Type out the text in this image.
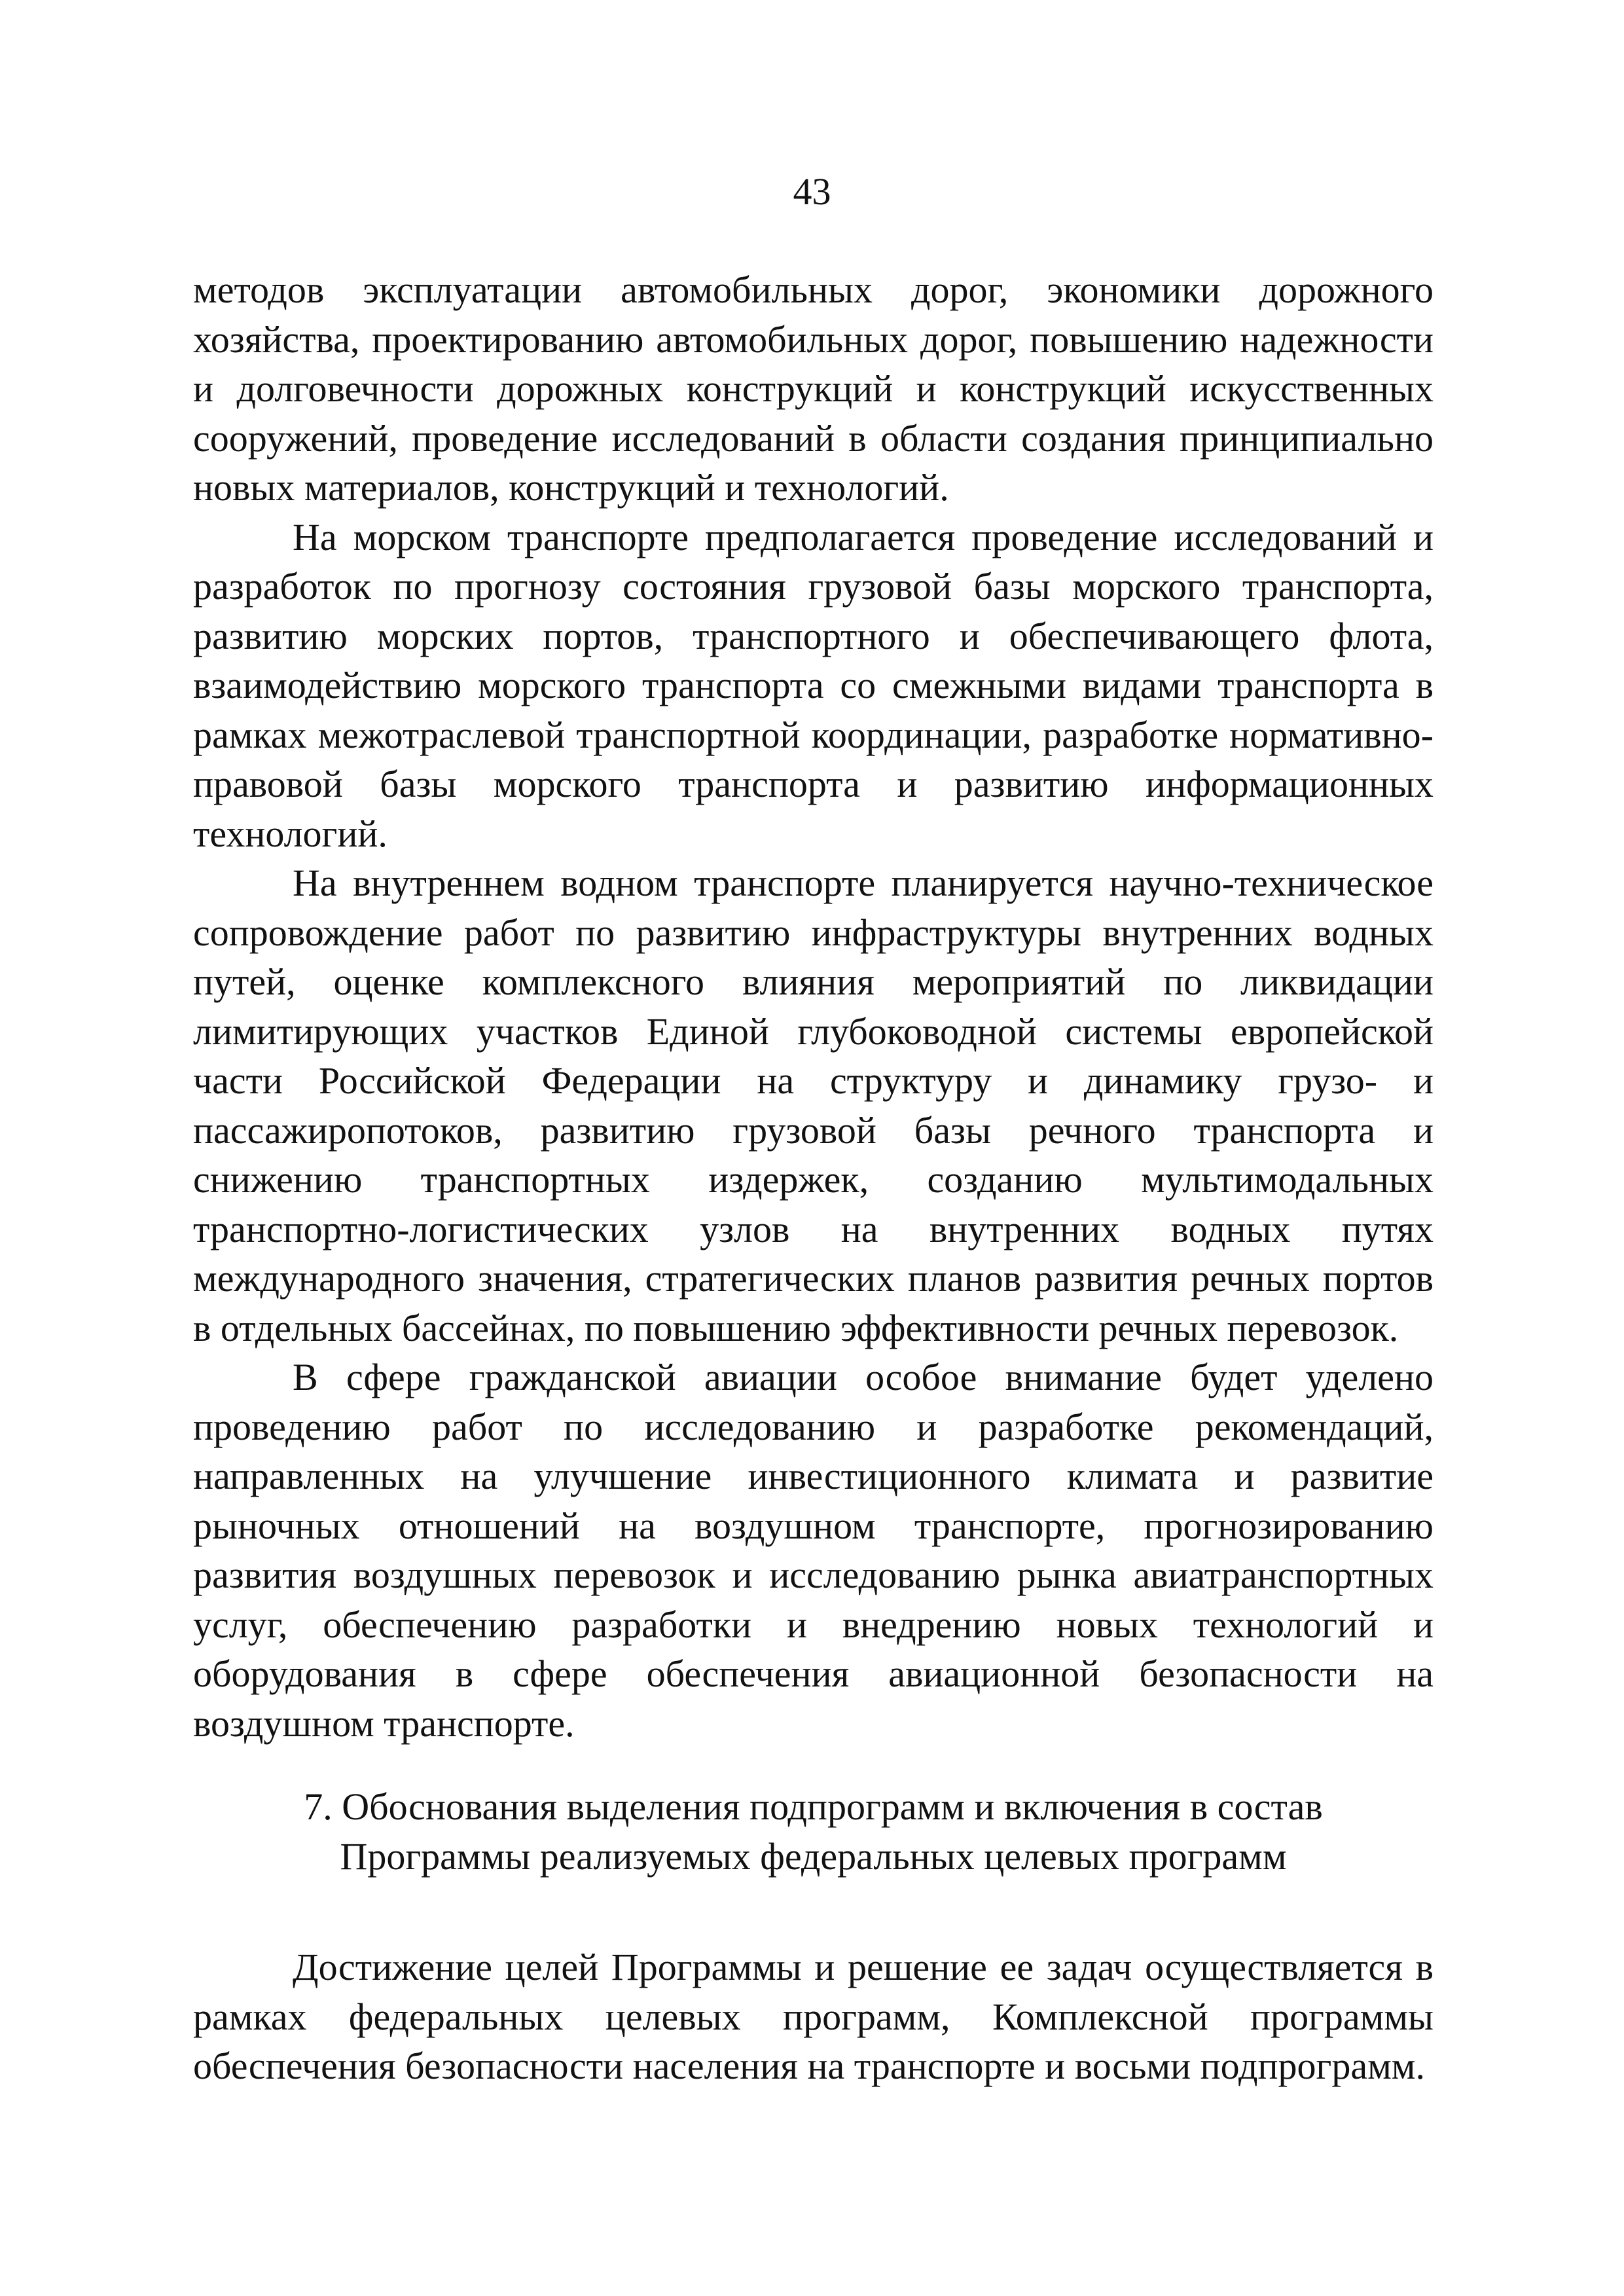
43

методов эксплуатации автомобильных дорог, экономики дорожного хозяйства, проектированию автомобильных дорог, повышению надежности и долговечности дорожных конструкций и конструкций искусственных сооружений, проведение исследований в области создания принципиально новых материалов, конструкций и технологий.

На морском транспорте предполагается проведение исследований и разработок по прогнозу состояния грузовой базы морского транспорта, развитию морских портов, транспортного и обеспечивающего флота, взаимодействию морского транспорта со смежными видами транспорта в рамках межотраслевой транспортной координации, разработке нормативно-правовой базы морского транспорта и развитию информационных технологий.

На внутреннем водном транспорте планируется научно-техническое сопровождение работ по развитию инфраструктуры внутренних водных путей, оценке комплексного влияния мероприятий по ликвидации лимитирующих участков Единой глубоководной системы европейской части Российской Федерации на структуру и динамику грузо- и пассажиропотоков, развитию грузовой базы речного транспорта и снижению транспортных издержек, созданию мультимодальных транспортно-логистических узлов на внутренних водных путях международного значения, стратегических планов развития речных портов в отдельных бассейнах, по повышению эффективности речных перевозок.

В сфере гражданской авиации особое внимание будет уделено проведению работ по исследованию и разработке рекомендаций, направленных на улучшение инвестиционного климата и развитие рыночных отношений на воздушном транспорте, прогнозированию развития воздушных перевозок и исследованию рынка авиатранспортных услуг, обеспечению разработки и внедрению новых технологий и оборудования в сфере обеспечения авиационной безопасности на воздушном транспорте.

7. Обоснования выделения подпрограмм и включения в состав
Программы реализуемых федеральных целевых программ

Достижение целей Программы и решение ее задач осуществляется в рамках федеральных целевых программ, Комплексной программы обеспечения безопасности населения на транспорте и восьми подпрограмм.
